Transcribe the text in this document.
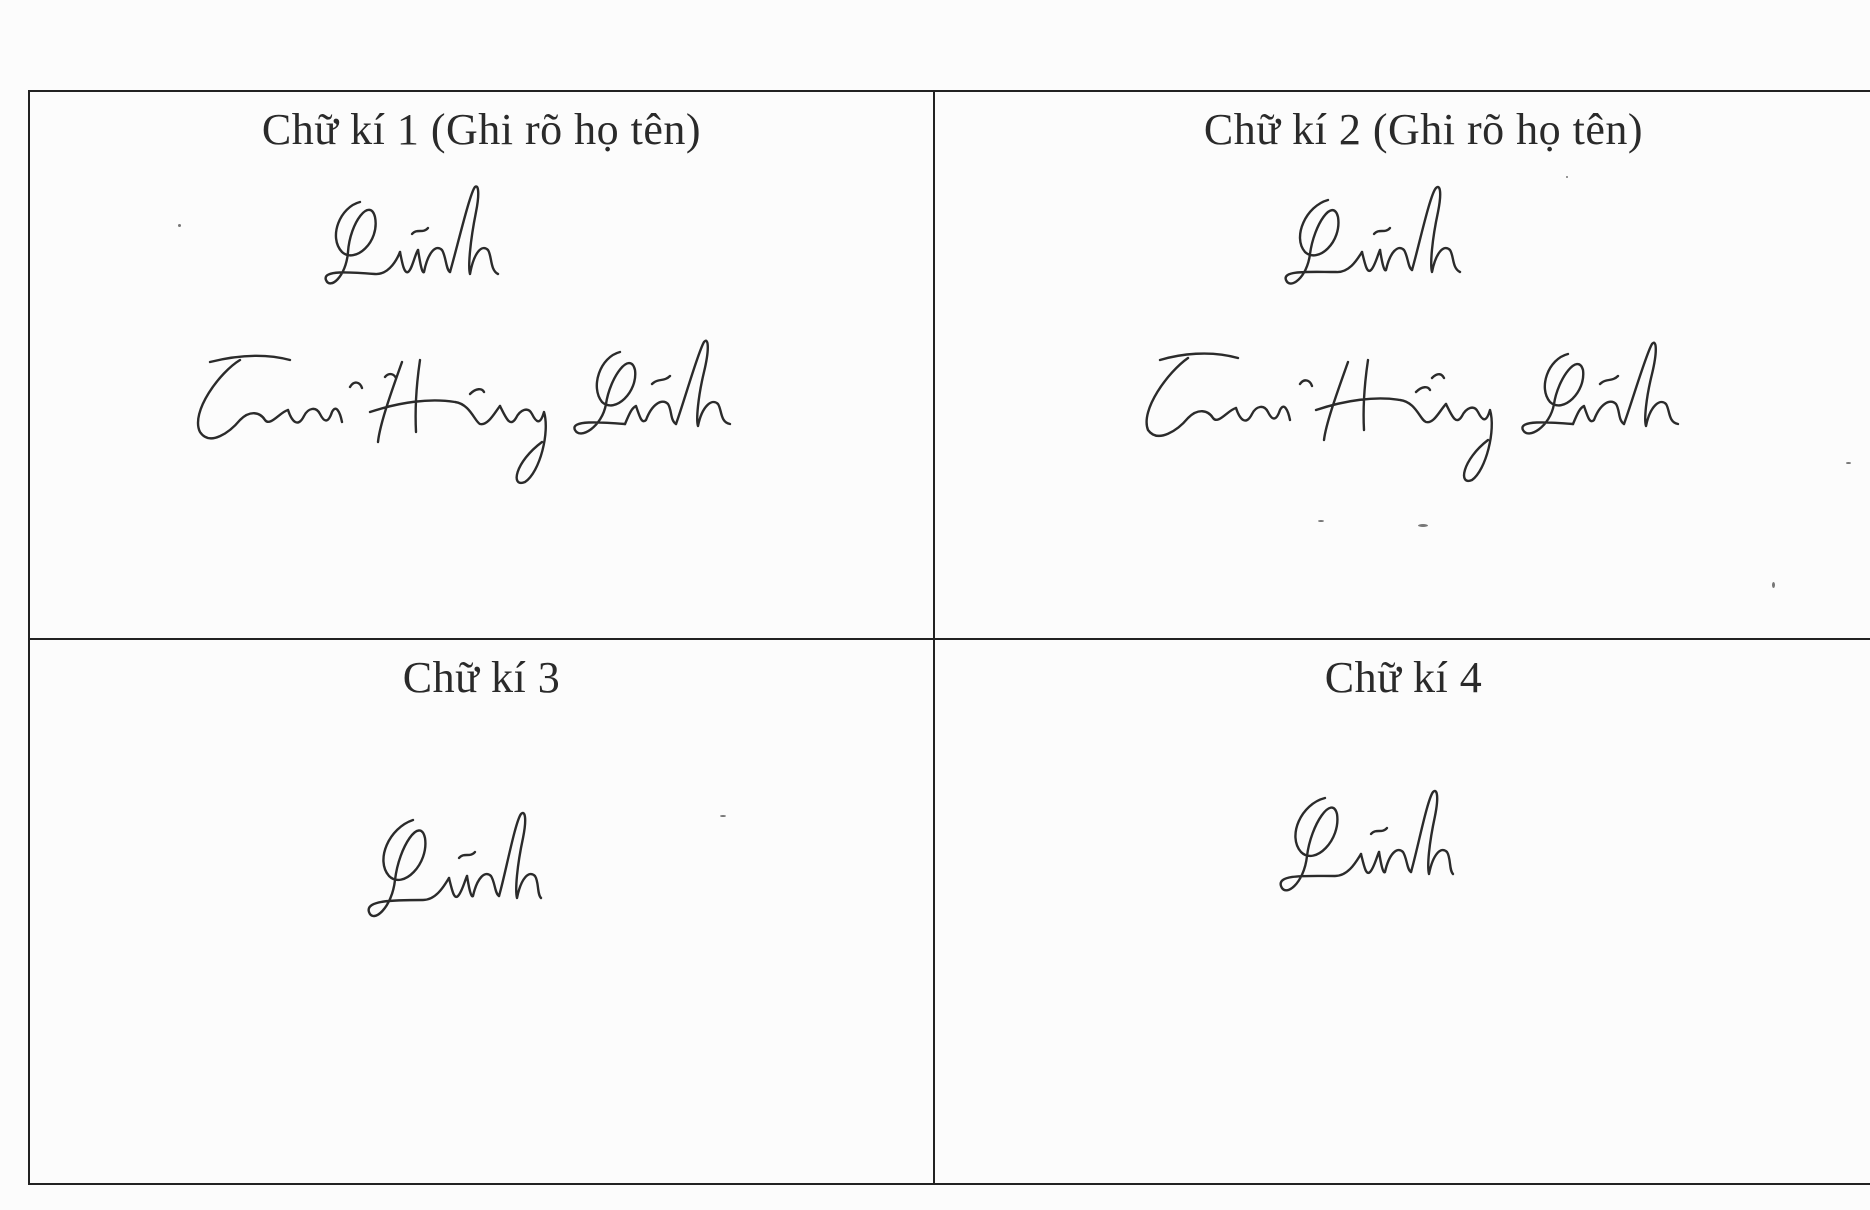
Chữ kí 1 (Ghi rõ họ tên)	Chữ kí 2 (Ghi rõ họ tên)
Chữ kí 3	Chữ kí 4
